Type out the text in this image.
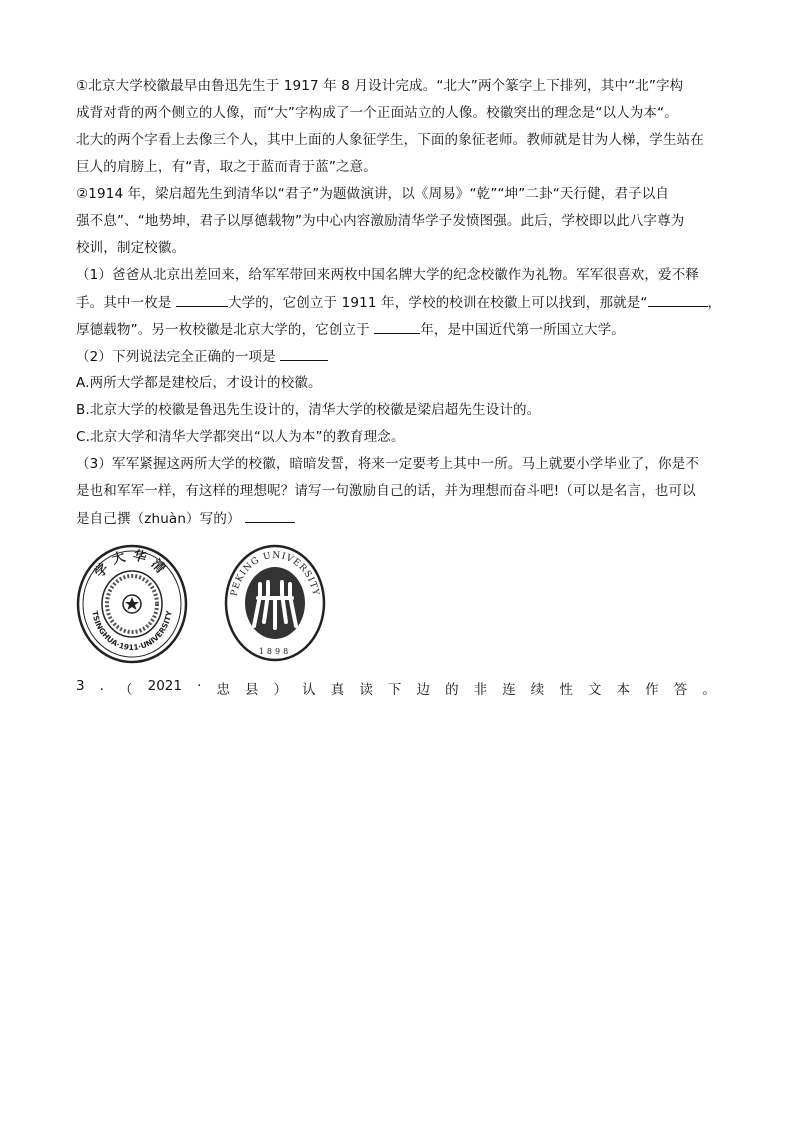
①北京大学校徽最早由鲁迅先生于 1917 年 8 月设计完成。“北大”两个篆字上下排列，其中“北”字构
成背对背的两个侧立的人像，而“大”字构成了一个正面站立的人像。校徽突出的理念是“以人为本“。
北大的两个字看上去像三个人，其中上面的人象征学生，下面的象征老师。教师就是甘为人梯，学生站在
巨人的肩膀上，有“青，取之于蓝而青于蓝”之意。
②1914 年，梁启超先生到清华以“君子”为题做演讲，以《周易》“乾”“坤”二卦“天行健，君子以自
强不息”、“地势坤，君子以厚德载物”为中心内容激励清华学子发愤图强。此后，学校即以此八字尊为
校训，制定校徽。
（1）爸爸从北京出差回来，给军军带回来两枚中国名牌大学的纪念校徽作为礼物。军军很喜欢，爱不释
手。其中一枚是	大学的，它创立于 1911 年，学校的校训在校徽上可以找到，那就是“	，
厚德载物”。另一枚校徽是北京大学的，它创立于	年，是中国近代第一所国立大学。
（2）下列说法完全正确的一项是
A.两所大学都是建校后，才设计的校徽。
B.北京大学的校徽是鲁迅先生设计的，清华大学的校徽是梁启超先生设计的。
C.北京大学和清华大学都突出“以人为本”的教育理念。
（3）军军紧握这两所大学的校徽，暗暗发誓，将来一定要考上其中一所。马上就要小学毕业了，你是不
是也和军军一样，有这样的理想呢？请写一句激励自己的话，并为理想而奋斗吧!（可以是名言，也可以
是自己撰（zhuàn）写的）
学大华清
TSINGHUA·1911·UNIVERSITY
PEKING UNIVERSITY
1898
3 . （ 2021 · 忠 县 ） 认 真 读 下 边 的 非 连 续 性 文 本 作 答 。
